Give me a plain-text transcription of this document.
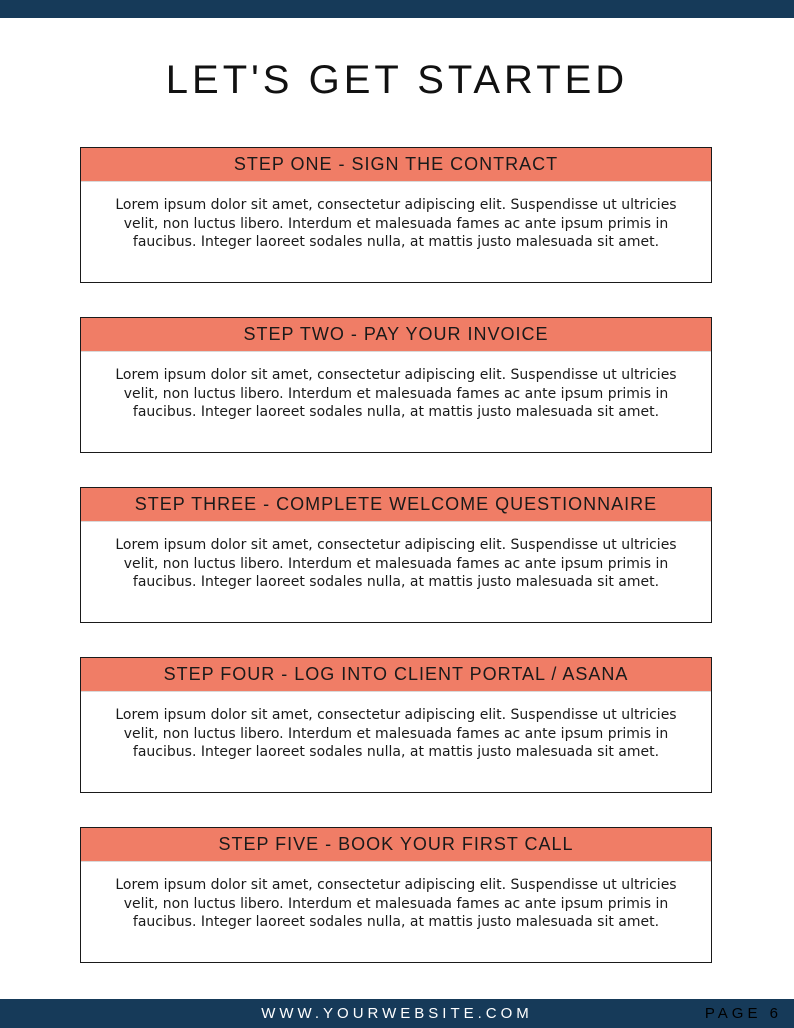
LET'S GET STARTED
STEP ONE - SIGN THE CONTRACT
Lorem ipsum dolor sit amet, consectetur adipiscing elit. Suspendisse ut ultricies velit, non luctus libero. Interdum et malesuada fames ac ante ipsum primis in faucibus. Integer laoreet sodales nulla, at mattis justo malesuada sit amet.
STEP TWO - PAY YOUR INVOICE
Lorem ipsum dolor sit amet, consectetur adipiscing elit. Suspendisse ut ultricies velit, non luctus libero. Interdum et malesuada fames ac ante ipsum primis in faucibus. Integer laoreet sodales nulla, at mattis justo malesuada sit amet.
STEP THREE - COMPLETE WELCOME QUESTIONNAIRE
Lorem ipsum dolor sit amet, consectetur adipiscing elit. Suspendisse ut ultricies velit, non luctus libero. Interdum et malesuada fames ac ante ipsum primis in faucibus. Integer laoreet sodales nulla, at mattis justo malesuada sit amet.
STEP FOUR - LOG INTO CLIENT PORTAL / ASANA
Lorem ipsum dolor sit amet, consectetur adipiscing elit. Suspendisse ut ultricies velit, non luctus libero. Interdum et malesuada fames ac ante ipsum primis in faucibus. Integer laoreet sodales nulla, at mattis justo malesuada sit amet.
STEP FIVE - BOOK YOUR FIRST CALL
Lorem ipsum dolor sit amet, consectetur adipiscing elit. Suspendisse ut ultricies velit, non luctus libero. Interdum et malesuada fames ac ante ipsum primis in faucibus. Integer laoreet sodales nulla, at mattis justo malesuada sit amet.
WWW.YOURWEBSITE.COM	PAGE 6
